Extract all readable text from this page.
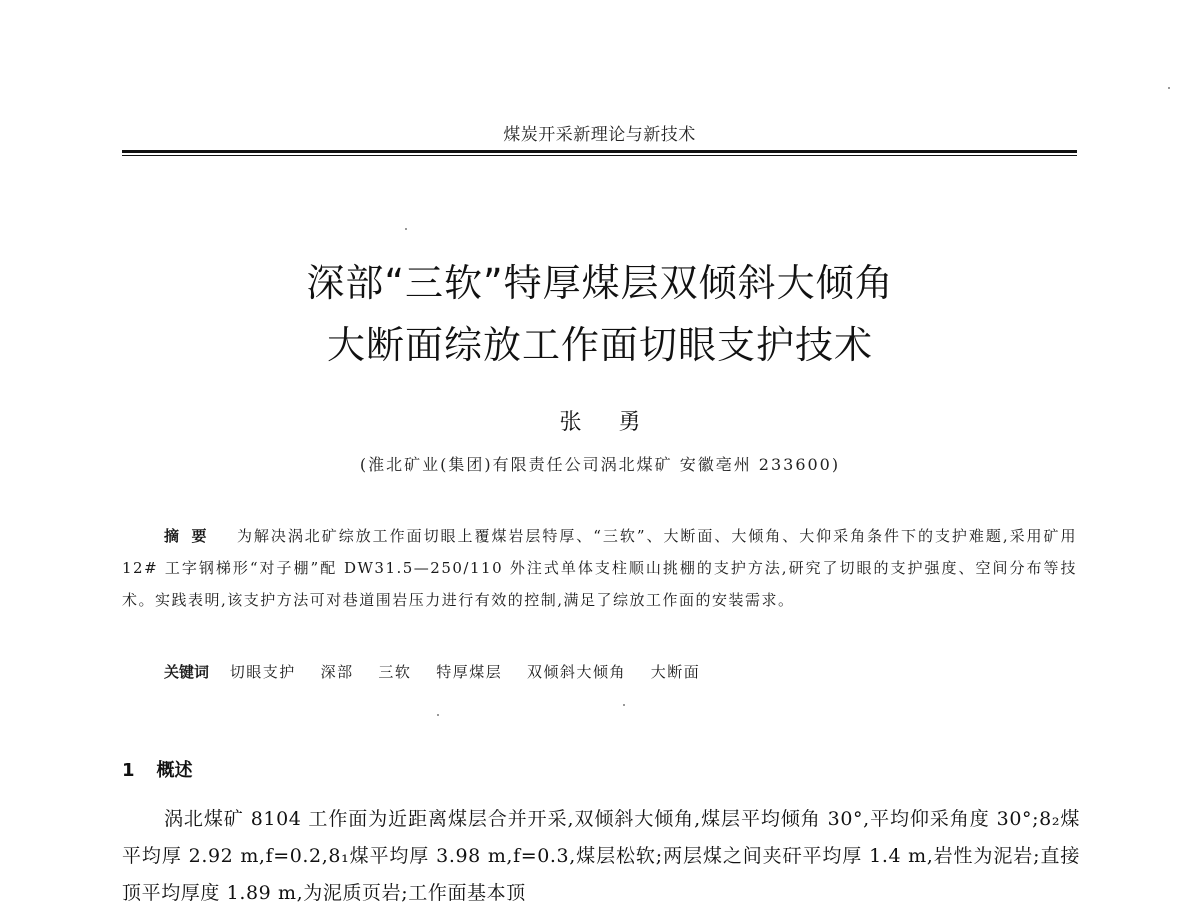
煤炭开采新理论与新技术
深部“三软”特厚煤层双倾斜大倾角
大断面综放工作面切眼支护技术
张 勇
(淮北矿业(集团)有限责任公司涡北煤矿 安徽亳州 233600)
摘要 为解决涡北矿综放工作面切眼上覆煤岩层特厚、“三软”、大断面、大倾角、大仰采角条件下的支护难题,采用矿用 12# 工字钢梯形“对子棚”配 DW31.5—250/110 外注式单体支柱顺山挑棚的支护方法,研究了切眼的支护强度、空间分布等技术。实践表明,该支护方法可对巷道围岩压力进行有效的控制,满足了综放工作面的安装需求。
关键词 切眼支护 深部 三软 特厚煤层 双倾斜大倾角 大断面
1 概述
涡北煤矿 8104 工作面为近距离煤层合并开采,双倾斜大倾角,煤层平均倾角 30°,平均仰采角度 30°;8₂煤平均厚 2.92 m,f=0.2,8₁煤平均厚 3.98 m,f=0.3,煤层松软;两层煤之间夹矸平均厚 1.4 m,岩性为泥岩;直接顶平均厚度 1.89 m,为泥质页岩;工作面基本顶
